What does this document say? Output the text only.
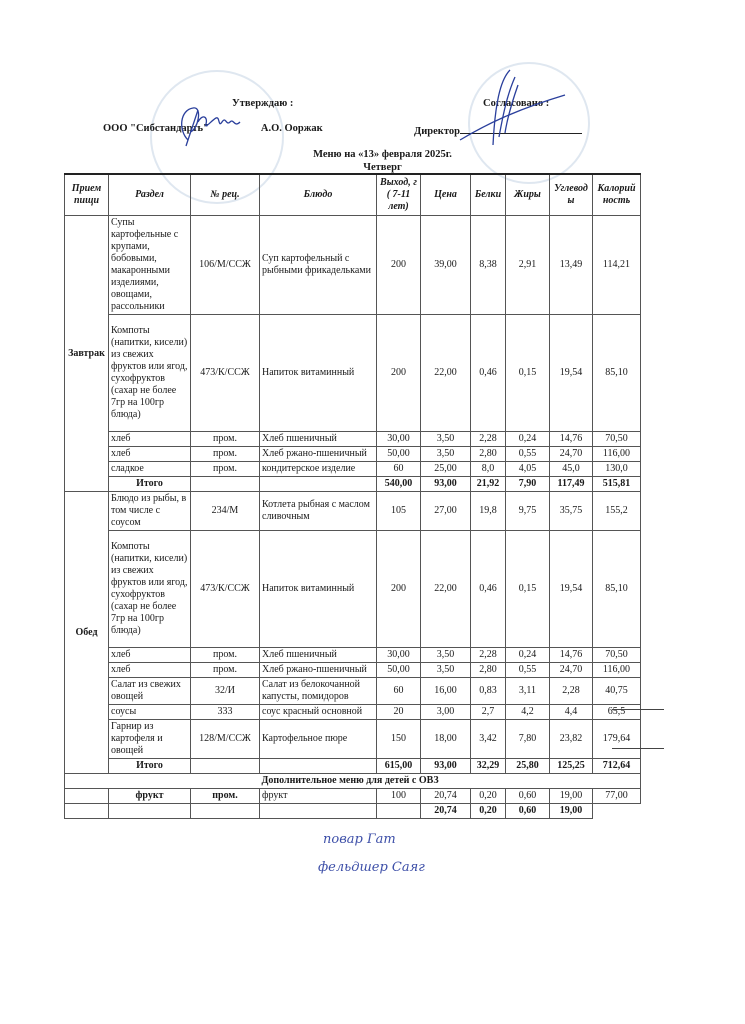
Утверждаю :
ООО "Сибстандарть"	А.О. Ооржак
Согласовано :
Директор
Меню на «13» февраля 2025г.
Четверг
Прием пищи	Раздел	№ рец.	Блюдо	Выход, г ( 7-11 лет)	Цена	Белки	Жиры	Углевод ы	Калорий ность
Завтрак	Супы картофельные с крупами, бобовыми, макаронными изделиями, овощами, рассольники	106/М/ССЖ	Суп картофельный с рыбными фрикадельками	200	39,00	8,38	2,91	13,49	114,21
	Компоты (напитки, кисели) из свежих фруктов или ягод, сухофруктов (сахар не более 7гр на 100гр блюда)	473/К/ССЖ	Напиток витаминный	200	22,00	0,46	0,15	19,54	85,10
	хлеб	пром.	Хлеб пшеничный	30,00	3,50	2,28	0,24	14,76	70,50
	хлеб	пром.	Хлеб ржано-пшеничный	50,00	3,50	2,80	0,55	24,70	116,00
	сладкое	пром.	кондитерское изделие	60	25,00	8,0	4,05	45,0	130,0
	Итого			540,00	93,00	21,92	7,90	117,49	515,81
Обед	Блюдо из рыбы, в том числе с соусом	234/М	Котлета рыбная с маслом сливочным	105	27,00	19,8	9,75	35,75	155,2
	Компоты (напитки, кисели) из свежих фруктов или ягод, сухофруктов (сахар не более 7гр на 100гр блюда)	473/К/ССЖ	Напиток витаминный	200	22,00	0,46	0,15	19,54	85,10
	хлеб	пром.	Хлеб пшеничный	30,00	3,50	2,28	0,24	14,76	70,50
	хлеб	пром.	Хлеб ржано-пшеничный	50,00	3,50	2,80	0,55	24,70	116,00
	Салат из свежих овощей	32/И	Салат из белокочанной капусты, помидоров	60	16,00	0,83	3,11	2,28	40,75
	соусы	333	соус красный основной	20	3,00	2,7	4,2	4,4	65,5
	Гарнир из картофеля и овощей	128/М/ССЖ	Картофельное пюре	150	18,00	3,42	7,80	23,82	179,64
	Итого			615,00	93,00	32,29	25,80	125,25	712,64
			Дополнительное меню для детей с ОВЗ						
	фрукт	пром.	фрукт	100	20,74	0,20	0,60	19,00	77,00
					20,74	0,20	0,60	19,00	
повар Гат
фельдшер Саяг
